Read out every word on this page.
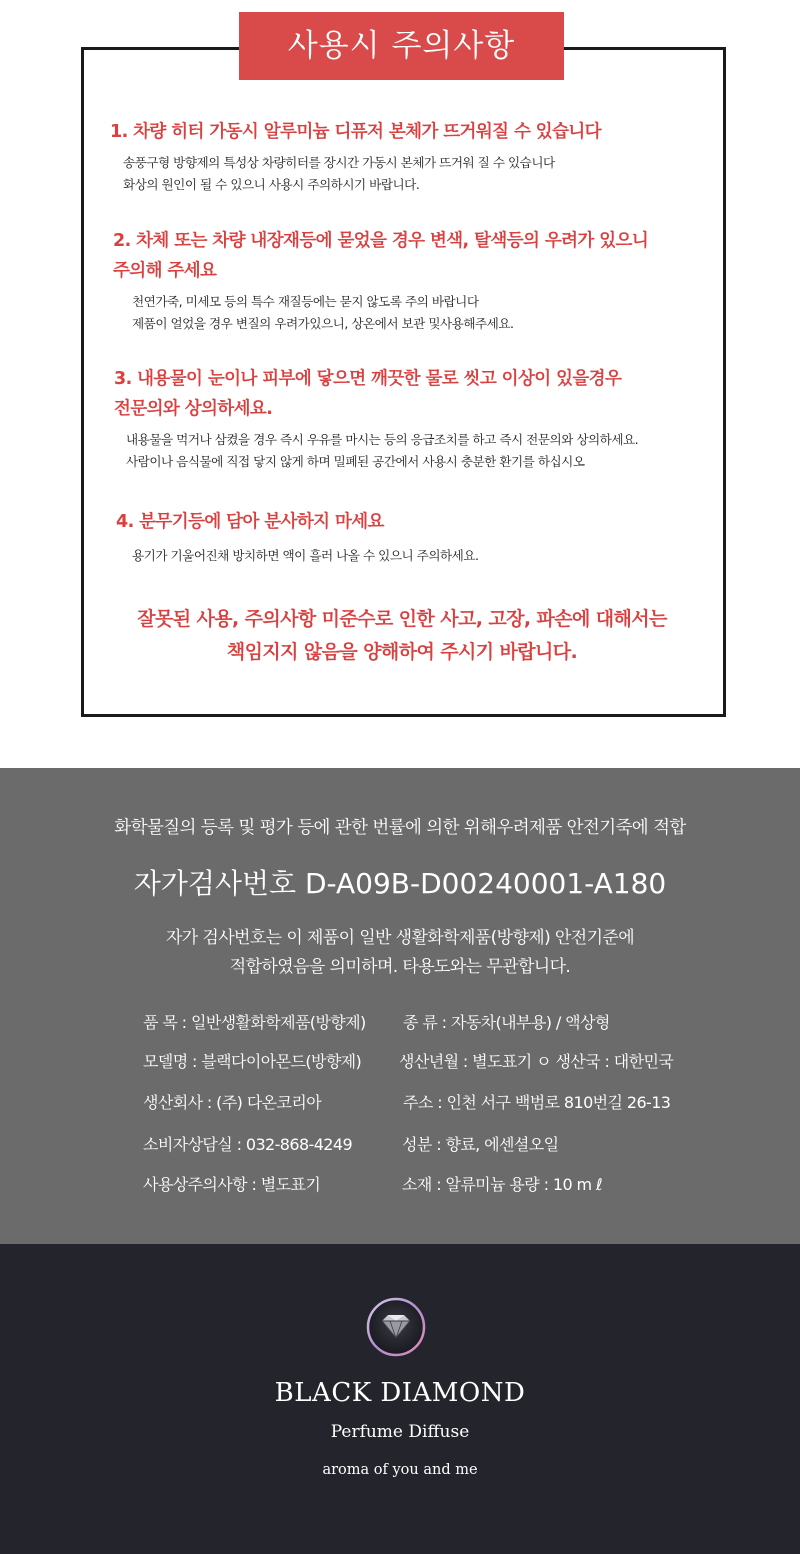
사용시 주의사항
1. 차량 히터 가동시 알루미늄 디퓨저 본체가 뜨거워질 수 있습니다
송풍구형 방향제의 특성상 차량히터를 장시간 가동시 본체가 뜨거워 질 수 있습니다
화상의 원인이 될 수 있으니 사용시 주의하시기 바랍니다.
2. 차체 또는 차량 내장재등에 묻었을 경우 변색, 탈색등의 우려가 있으니
주의해 주세요
천연가죽, 미세모 등의 특수 재질등에는 묻지 않도록 주의 바랍니다
제품이 얼었을 경우 변질의 우려가있으니, 상온에서 보관 및사용해주세요.
3. 내용물이 눈이나 피부에 닿으면 깨끗한 물로 씻고 이상이 있을경우
전문의와 상의하세요.
내용물을 먹거나 삼켰을 경우 즉시 우유를 마시는 등의 응급조치를 하고 즉시 전문의와 상의하세요.
사람이나 음식물에 직접 닿지 않게 하며 밀폐된 공간에서 사용시 충분한 환기를 하십시오
4. 분무기등에 담아 분사하지 마세요
용기가 기울어진채 방치하면 액이 흘러 나올 수 있으니 주의하세요.
잘못된 사용, 주의사항 미준수로 인한 사고, 고장, 파손에 대해서는
책임지지 않음을 양해하여 주시기 바랍니다.
화학물질의 등록 및 평가 등에 관한 번률에 의한 위해우려제품 안전기죽에 적합
자가검사번호 D-A09B-D00240001-A180
자가 검사번호는 이 제품이 일반 생활화학제품(방향제) 안전기준에
적합하였음을 의미하며. 타용도와는 무관합니다.
품 목 : 일반생활화학제품(방향제)
모델명 : 블랙다이아몬드(방향제)
생산회사 : (주) 다온코리아
소비자상담실 : 032-868-4249
사용상주의사항 : 별도표기
종 류 : 자동차(내부용) / 액상형
생산년월 : 별도표기 ㅇ 생산국 : 대한민국
주소 : 인천 서구 백범로 810번길 26-13
성분 : 향료, 에센셜오일
소재 : 알류미늄 용량 : 10 m ℓ
BLACK DIAMOND
Perfume Diffuse
aroma of you and me
